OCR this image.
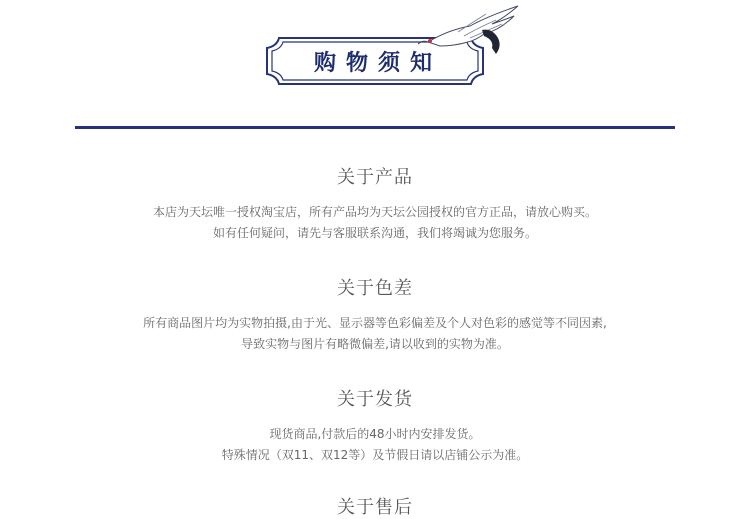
购物须知
关于产品

本店为天坛唯一授权淘宝店，所有产品均为天坛公园授权的官方正品，请放心购买。

如有任何疑问，请先与客服联系沟通，我们将竭诚为您服务。

关于色差

所有商品图片均为实物拍摄,由于光、显示器等色彩偏差及个人对色彩的感觉等不同因素,

导致实物与图片有略微偏差,请以收到的实物为准。

关于发货

现货商品,付款后的48小时内安排发货。

特殊情况（双11、双12等）及节假日请以店铺公示为准。

关于售后
